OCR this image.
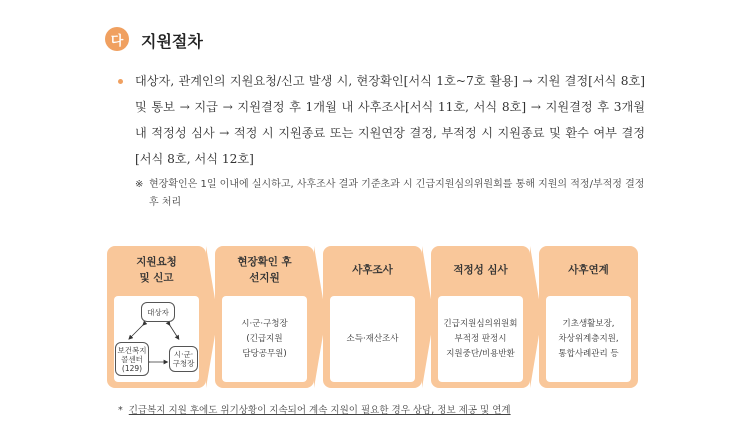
다	지원절차
대상자, 관계인의 지원요청/신고 발생 시, 현장확인[서식 1호~7호 활용] → 지원 결정[서식 8호] 및 통보 → 지급 → 지원결정 후 1개월 내 사후조사[서식 11호, 서식 8호] → 지원결정 후 3개월 내 적정성 심사 → 적정 시 지원종료 또는 지원연장 결정, 부적정 시 지원종료 및 환수 여부 결정[서식 8호, 서식 12호]
※ 현장확인은 1일 이내에 실시하고, 사후조사 결과 기준초과 시 긴급지원심의위원회를 통해 지원의 적정/부적정 결정 후 처리
지원요청
및 신고
대상자
보건복지
콜센터
(129)
시·군·
구청장
현장확인 후
선지원
시·군·구청장
(긴급지원
담당공무원)
사후조사
소득·재산조사
적정성 심사
긴급지원심의위원회
부적정 판정시
지원중단/비용반환
사후연계
기초생활보장,
차상위계층지원,
통합사례관리 등
* 긴급복지 지원 후에도 위기상황이 지속되어 계속 지원이 필요한 경우 상담, 정보 제공 및 연계
